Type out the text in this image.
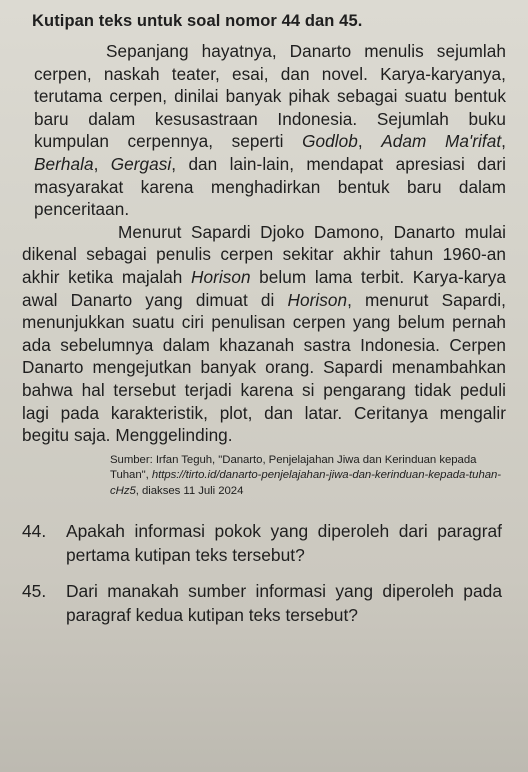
Kutipan teks untuk soal nomor 44 dan 45.

Sepanjang hayatnya, Danarto menulis sejumlah cerpen, naskah teater, esai, dan novel. Karya-karyanya, terutama cerpen, dinilai banyak pihak sebagai suatu bentuk baru dalam kesusastraan Indonesia. Sejumlah buku kumpulan cerpennya, seperti Godlob, Adam Ma'rifat, Berhala, Gergasi, dan lain-lain, mendapat apresiasi dari masyarakat karena menghadirkan bentuk baru dalam penceritaan.

Menurut Sapardi Djoko Damono, Danarto mulai dikenal sebagai penulis cerpen sekitar akhir tahun 1960-an akhir ketika majalah Horison belum lama terbit. Karya-karya awal Danarto yang dimuat di Horison, menurut Sapardi, menunjukkan suatu ciri penulisan cerpen yang belum pernah ada sebelumnya dalam khazanah sastra Indonesia. Cerpen Danarto mengejutkan banyak orang. Sapardi menambahkan bahwa hal tersebut terjadi karena si pengarang tidak peduli lagi pada karakteristik, plot, dan latar. Ceritanya mengalir begitu saja. Menggelinding.

Sumber: Irfan Teguh, "Danarto, Penjelajahan Jiwa dan Kerinduan kepada Tuhan", https://tirto.id/danarto-penjelajahan-jiwa-dan-kerinduan-kepada-tuhan-cHz5, diakses 11 Juli 2024

44.	Apakah informasi pokok yang diperoleh dari paragraf pertama kutipan teks tersebut?
45.	Dari manakah sumber informasi yang diperoleh pada paragraf kedua kutipan teks tersebut?
